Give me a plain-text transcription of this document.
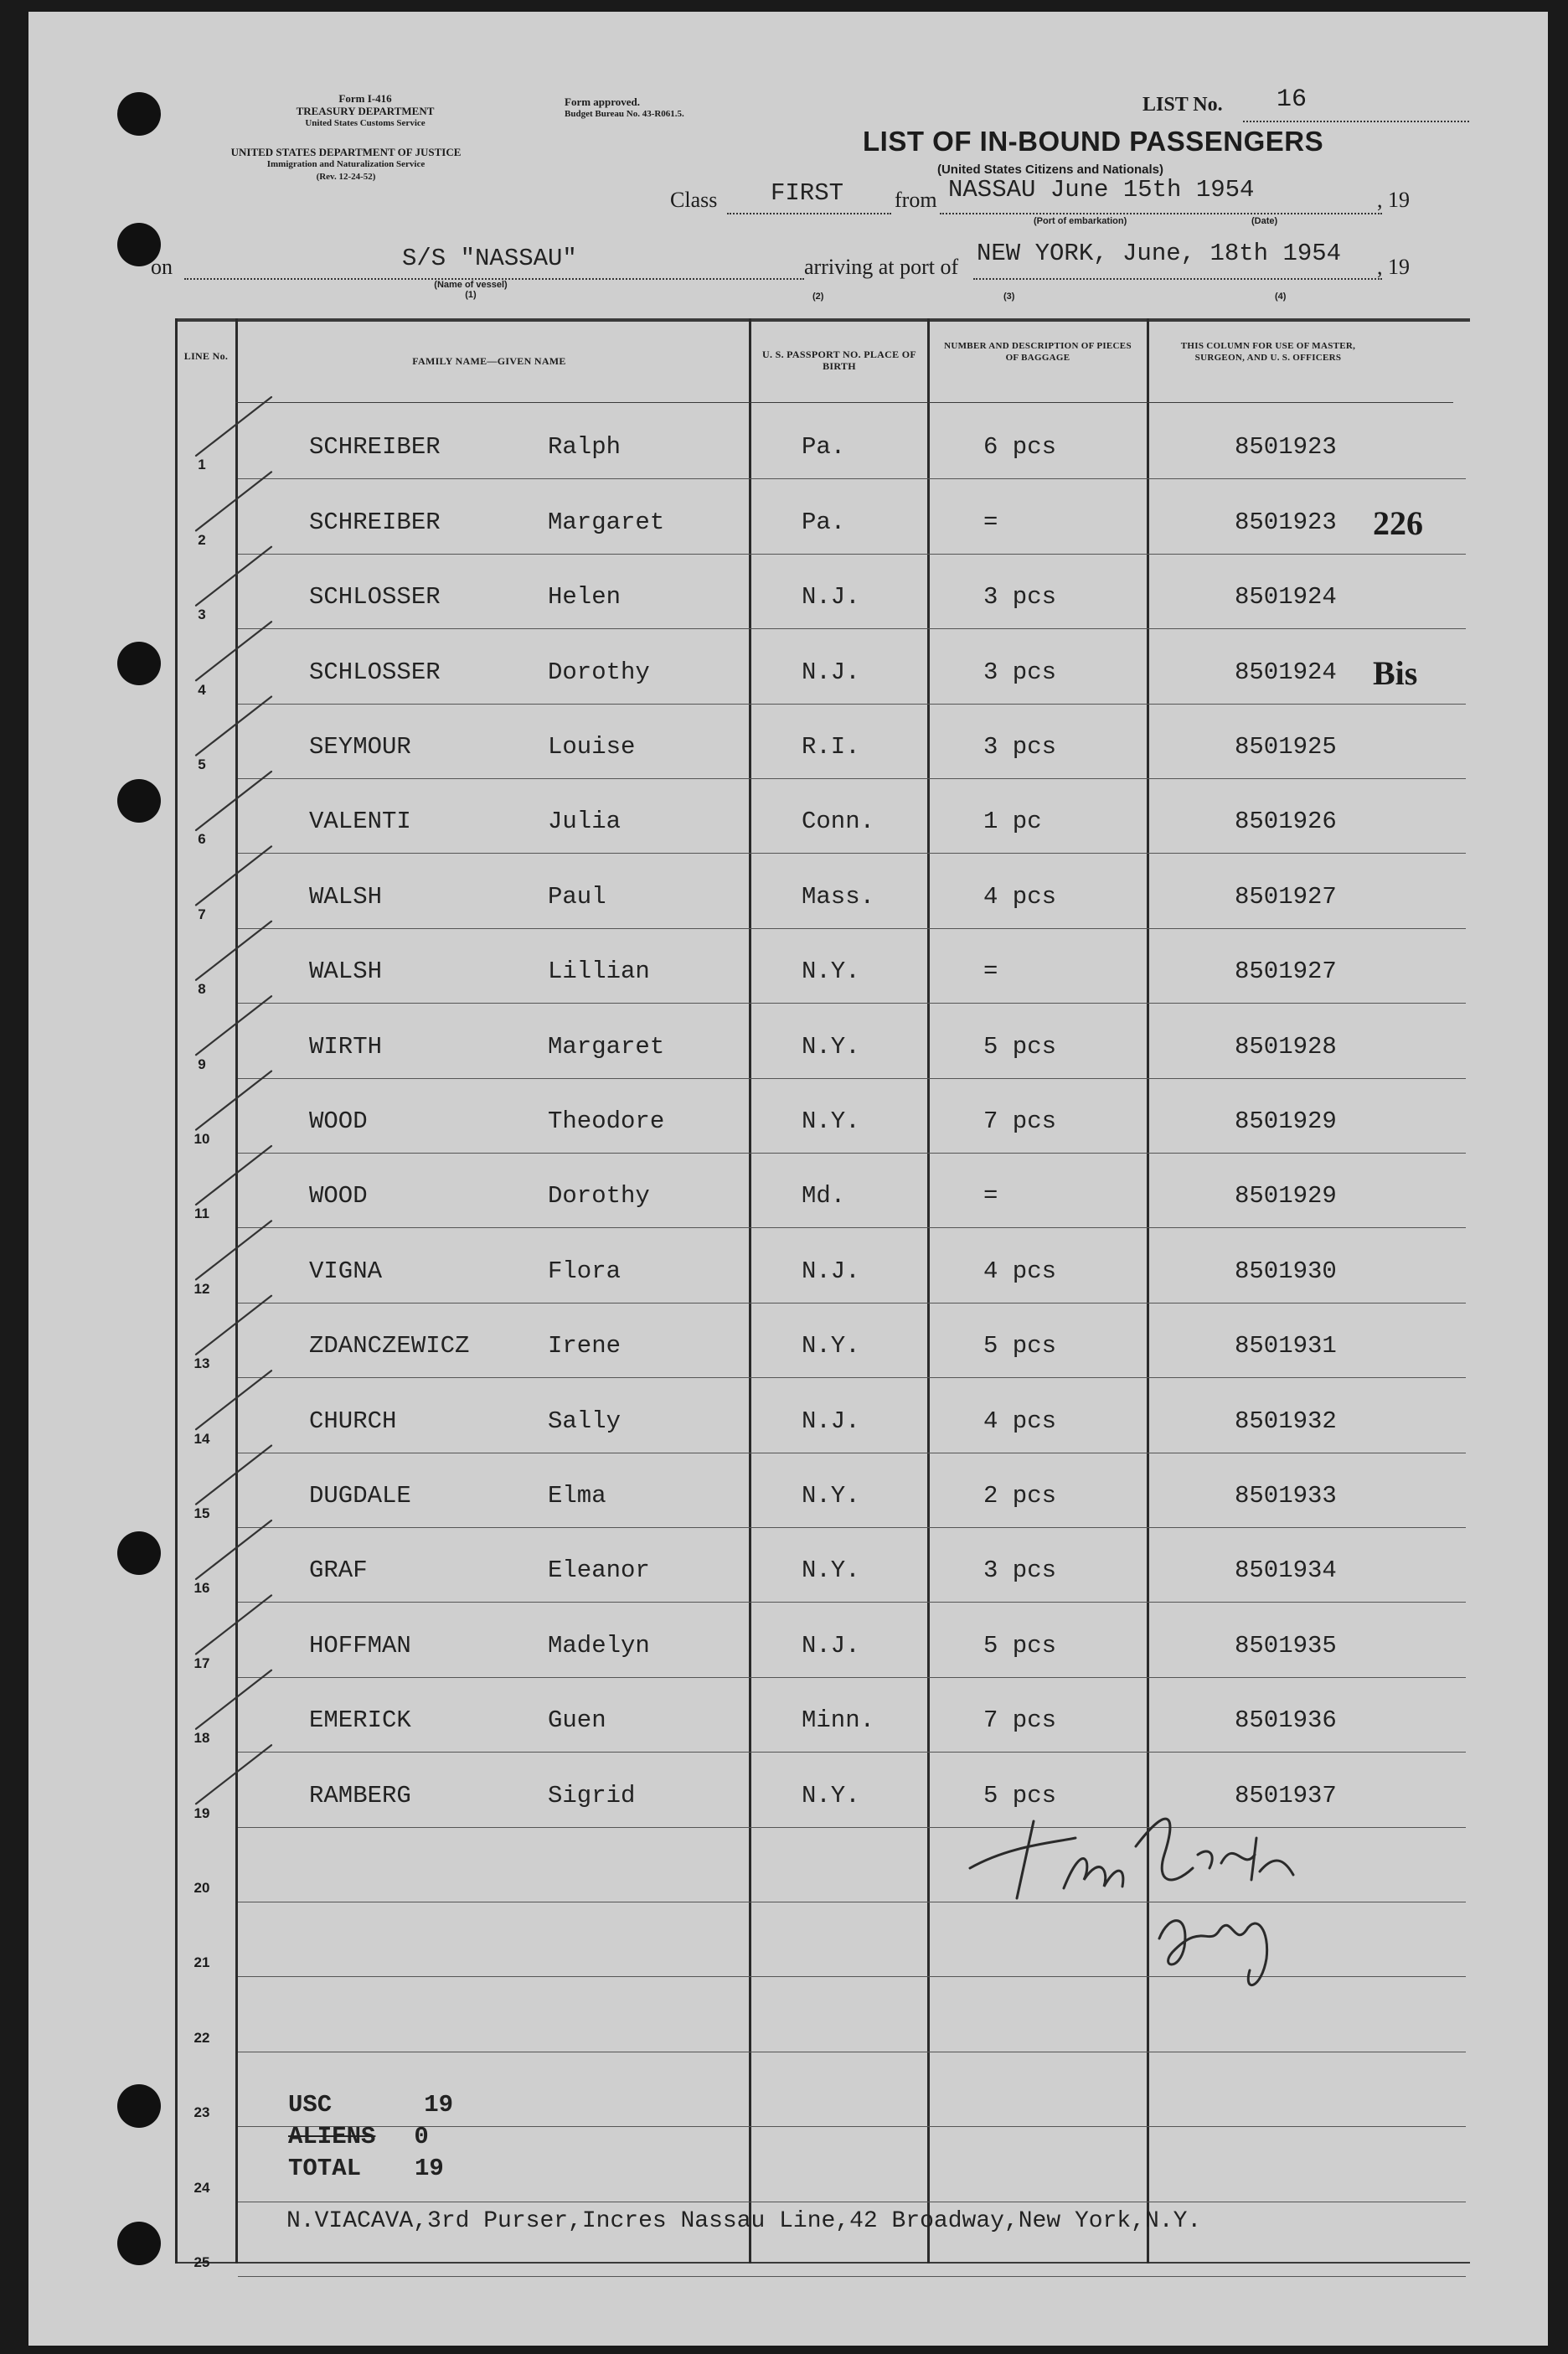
Form I-416
TREASURY DEPARTMENT
United States Customs Service
UNITED STATES DEPARTMENT OF JUSTICE
Immigration and Naturalization Service
(Rev. 12-24-52)
Form approved.
Budget Bureau No. 43-R061.5.	LIST No. 16
LIST OF IN-BOUND PASSENGERS
(United States Citizens and Nationals)
Class FIRST from NASSAU June 15th 1954	, 19
(Port of embarkation)	(Date)
on	S/S "NASSAU"
(Name of vessel)
(1)
arriving at port of NEW YORK, June, 18th 1954 , 19
(2)	(3)	(4)
LINE No.	FAMILY NAME—GIVEN NAME
U. S. PASSPORT NO. PLACE OF BIRTH
NUMBER AND DESCRIPTION OF PIECES OF BAGGAGE
THIS COLUMN FOR USE OF MASTER, SURGEON, AND U. S. OFFICERS
1
SCHREIBER	Ralph	Pa.	6 pcs	8501923
2
SCHREIBER	Margaret	Pa.	=	8501923 226
3
SCHLOSSER	Helen	N.J.	3 pcs	8501924
4
SCHLOSSER	Dorothy	N.J.	3 pcs	8501924 Bis
5
SEYMOUR	Louise	R.I.	3 pcs	8501925
6
VALENTI	Julia	Conn.	1 pc	8501926
7
WALSH	Paul	Mass.	4 pcs	8501927
8
WALSH	Lillian	N.Y.	=	8501927
9
WIRTH	Margaret	N.Y.	5 pcs	8501928
10
WOOD	Theodore	N.Y.	7 pcs	8501929
11
WOOD	Dorothy	Md.	=	8501929
12
VIGNA	Flora	N.J.	4 pcs	8501930
13
ZDANCZEWICZ	Irene	N.Y.	5 pcs	8501931
14
CHURCH	Sally	N.J.	4 pcs	8501932
15
DUGDALE	Elma	N.Y.	2 pcs	8501933
16
GRAF	Eleanor	N.Y.	3 pcs	8501934
17
HOFFMAN	Madelyn	N.J.	5 pcs	8501935
18
EMERICK	Guen	Minn.	7 pcs	8501936
19
RAMBERG	Sigrid	N.Y.	5 pcs	8501937
20
21
22
23
24
25
USC	19
ALIENS 0
TOTAL 19
N.VIACAVA,3rd Purser,Incres Nassau Line,42 Broadway,New York,N.Y.
